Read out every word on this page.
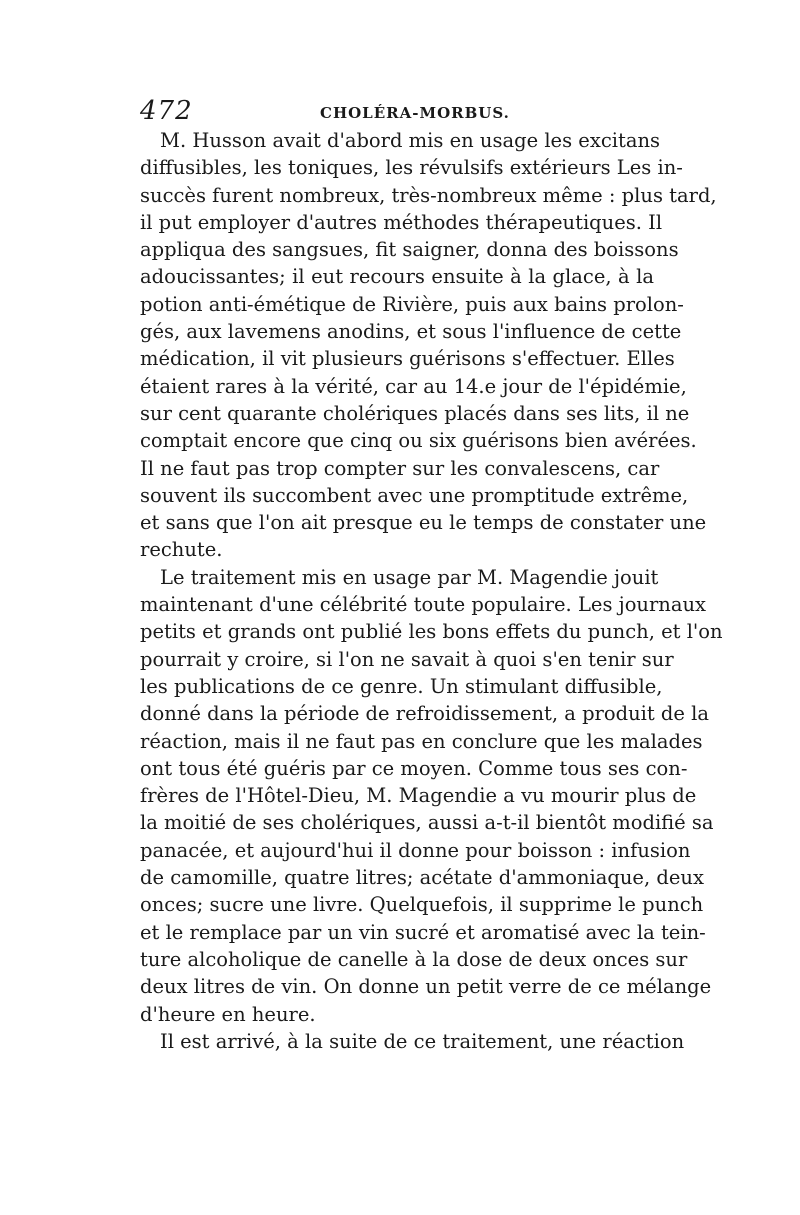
472	CHOLÉRA-MORBUS.
M. Husson avait d'abord mis en usage les excitans
diffusibles, les toniques, les révulsifs extérieurs Les in-
succès furent nombreux, très-nombreux même : plus tard,
il put employer d'autres méthodes thérapeutiques. Il
appliqua des sangsues, fit saigner, donna des boissons
adoucissantes; il eut recours ensuite à la glace, à la
potion anti-émétique de Rivière, puis aux bains prolon-
gés, aux lavemens anodins, et sous l'influence de cette
médication, il vit plusieurs guérisons s'effectuer. Elles
étaient rares à la vérité, car au 14.e jour de l'épidémie,
sur cent quarante cholériques placés dans ses lits, il ne
comptait encore que cinq ou six guérisons bien avérées.
Il ne faut pas trop compter sur les convalescens, car
souvent ils succombent avec une promptitude extrême,
et sans que l'on ait presque eu le temps de constater une
rechute.
Le traitement mis en usage par M. Magendie jouit
maintenant d'une célébrité toute populaire. Les journaux
petits et grands ont publié les bons effets du punch, et l'on
pourrait y croire, si l'on ne savait à quoi s'en tenir sur
les publications de ce genre. Un stimulant diffusible,
donné dans la période de refroidissement, a produit de la
réaction, mais il ne faut pas en conclure que les malades
ont tous été guéris par ce moyen. Comme tous ses con-
frères de l'Hôtel-Dieu, M. Magendie a vu mourir plus de
la moitié de ses cholériques, aussi a-t-il bientôt modifié sa
panacée, et aujourd'hui il donne pour boisson : infusion
de camomille, quatre litres; acétate d'ammoniaque, deux
onces; sucre une livre. Quelquefois, il supprime le punch
et le remplace par un vin sucré et aromatisé avec la tein-
ture alcoholique de canelle à la dose de deux onces sur
deux litres de vin. On donne un petit verre de ce mélange
d'heure en heure.
Il est arrivé, à la suite de ce traitement, une réaction
